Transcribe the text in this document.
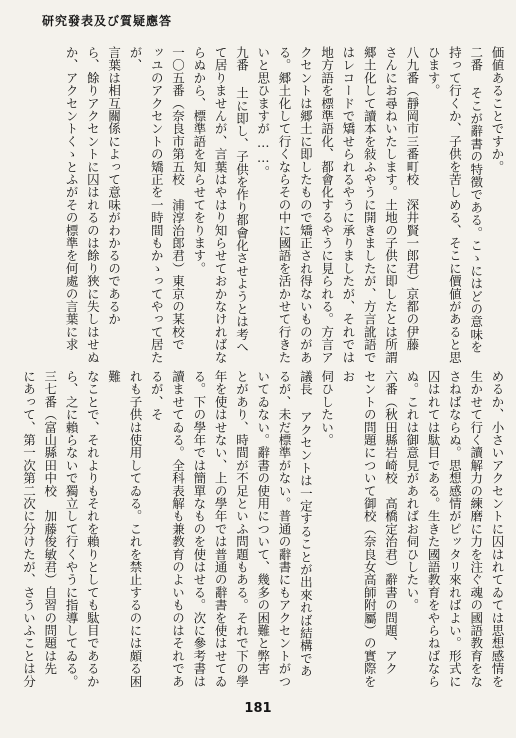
研究發表及び質疑應答
価値あることですか。
二番 そこが辭書の特徴である。こゝにはどの意味を
持って行くか、子供を苦しめる、そこに價値があると思
ひます。
八九番（靜岡市三番町校　深井賢一郎君）京都の伊藤
さんにお尋ねいたします。土地の子供に即したとは所謂
郷土化して讀本を敍ふやうに開きましたが、方言訛語で
はレコードで矯せられるやうに承りましたが、それでは
地方語を標準語化、都會化するやうに見られる。方言ア
クセントは郷土に即したもので矯正され得ないものがあ
る。郷土化して行くならその中に國語を活かせて行きた
いと思ひますが……。
九番 土に即し、子供を作り都會化させようとは考へ
て居りませんが、言葉はやはり知らせておかなければな
らぬから、標準語を知らせてをります。
一〇五番（奈良市第五校　浦淳治郎君）東京の某校で
ッユのアクセントの矯正を一時間もかゝってやって居たが、
言葉は相互關係によって意味がわかるのであるか
ら、餘りアクセントに囚はれるのは餘り狹に失しはせぬ
か、アクセントくゝとふがその標準を何處の言葉に求
めるか、小さいアクセントに囚はれてゐては思想感情を
生かせて行く讀解力の練磨に力を注ぐ魂の國語教育をな
さねばならぬ。思想感情がピッタリ來ればよい。形式に
囚はれては駄目である。生きた國語教育をやらねばなら
ぬ。これは御意見があればお伺ひしたい。
六番（秋田縣岩崎校　高橋定治君）辭書の問題、アク
セントの問題について御校（奈良女高師附屬）の實際をお
伺ひしたい。
議長 アクセントは一定することが出來れば結構であ
るが、未だ標準がない。普通の辭書にもアクセントがつ
いてゐない。辭書の使用について、幾多の困難と弊害
とがあり、時間が不足といふ問題もある。それで下の學
年を使はせない、上の學年では普通の辭書を使はせてゐ
る。下の學年では簡單なものを使はせる。次に參考書は
讀ませてゐる。全科表解も兼教育のよいものはそれであるが、そ
れも子供は使用してゐる。これを禁止するのには頗る困難
なことで、それよりもそれを賴りとしても駄目であるか
ら、之に賴らないで獨立して行くやうに指導してゐる。
三七番（富山縣田中校　加藤俊敏君）自習の問題は先
にあって、第一次第二次に分けたが、さういふことは分
181
